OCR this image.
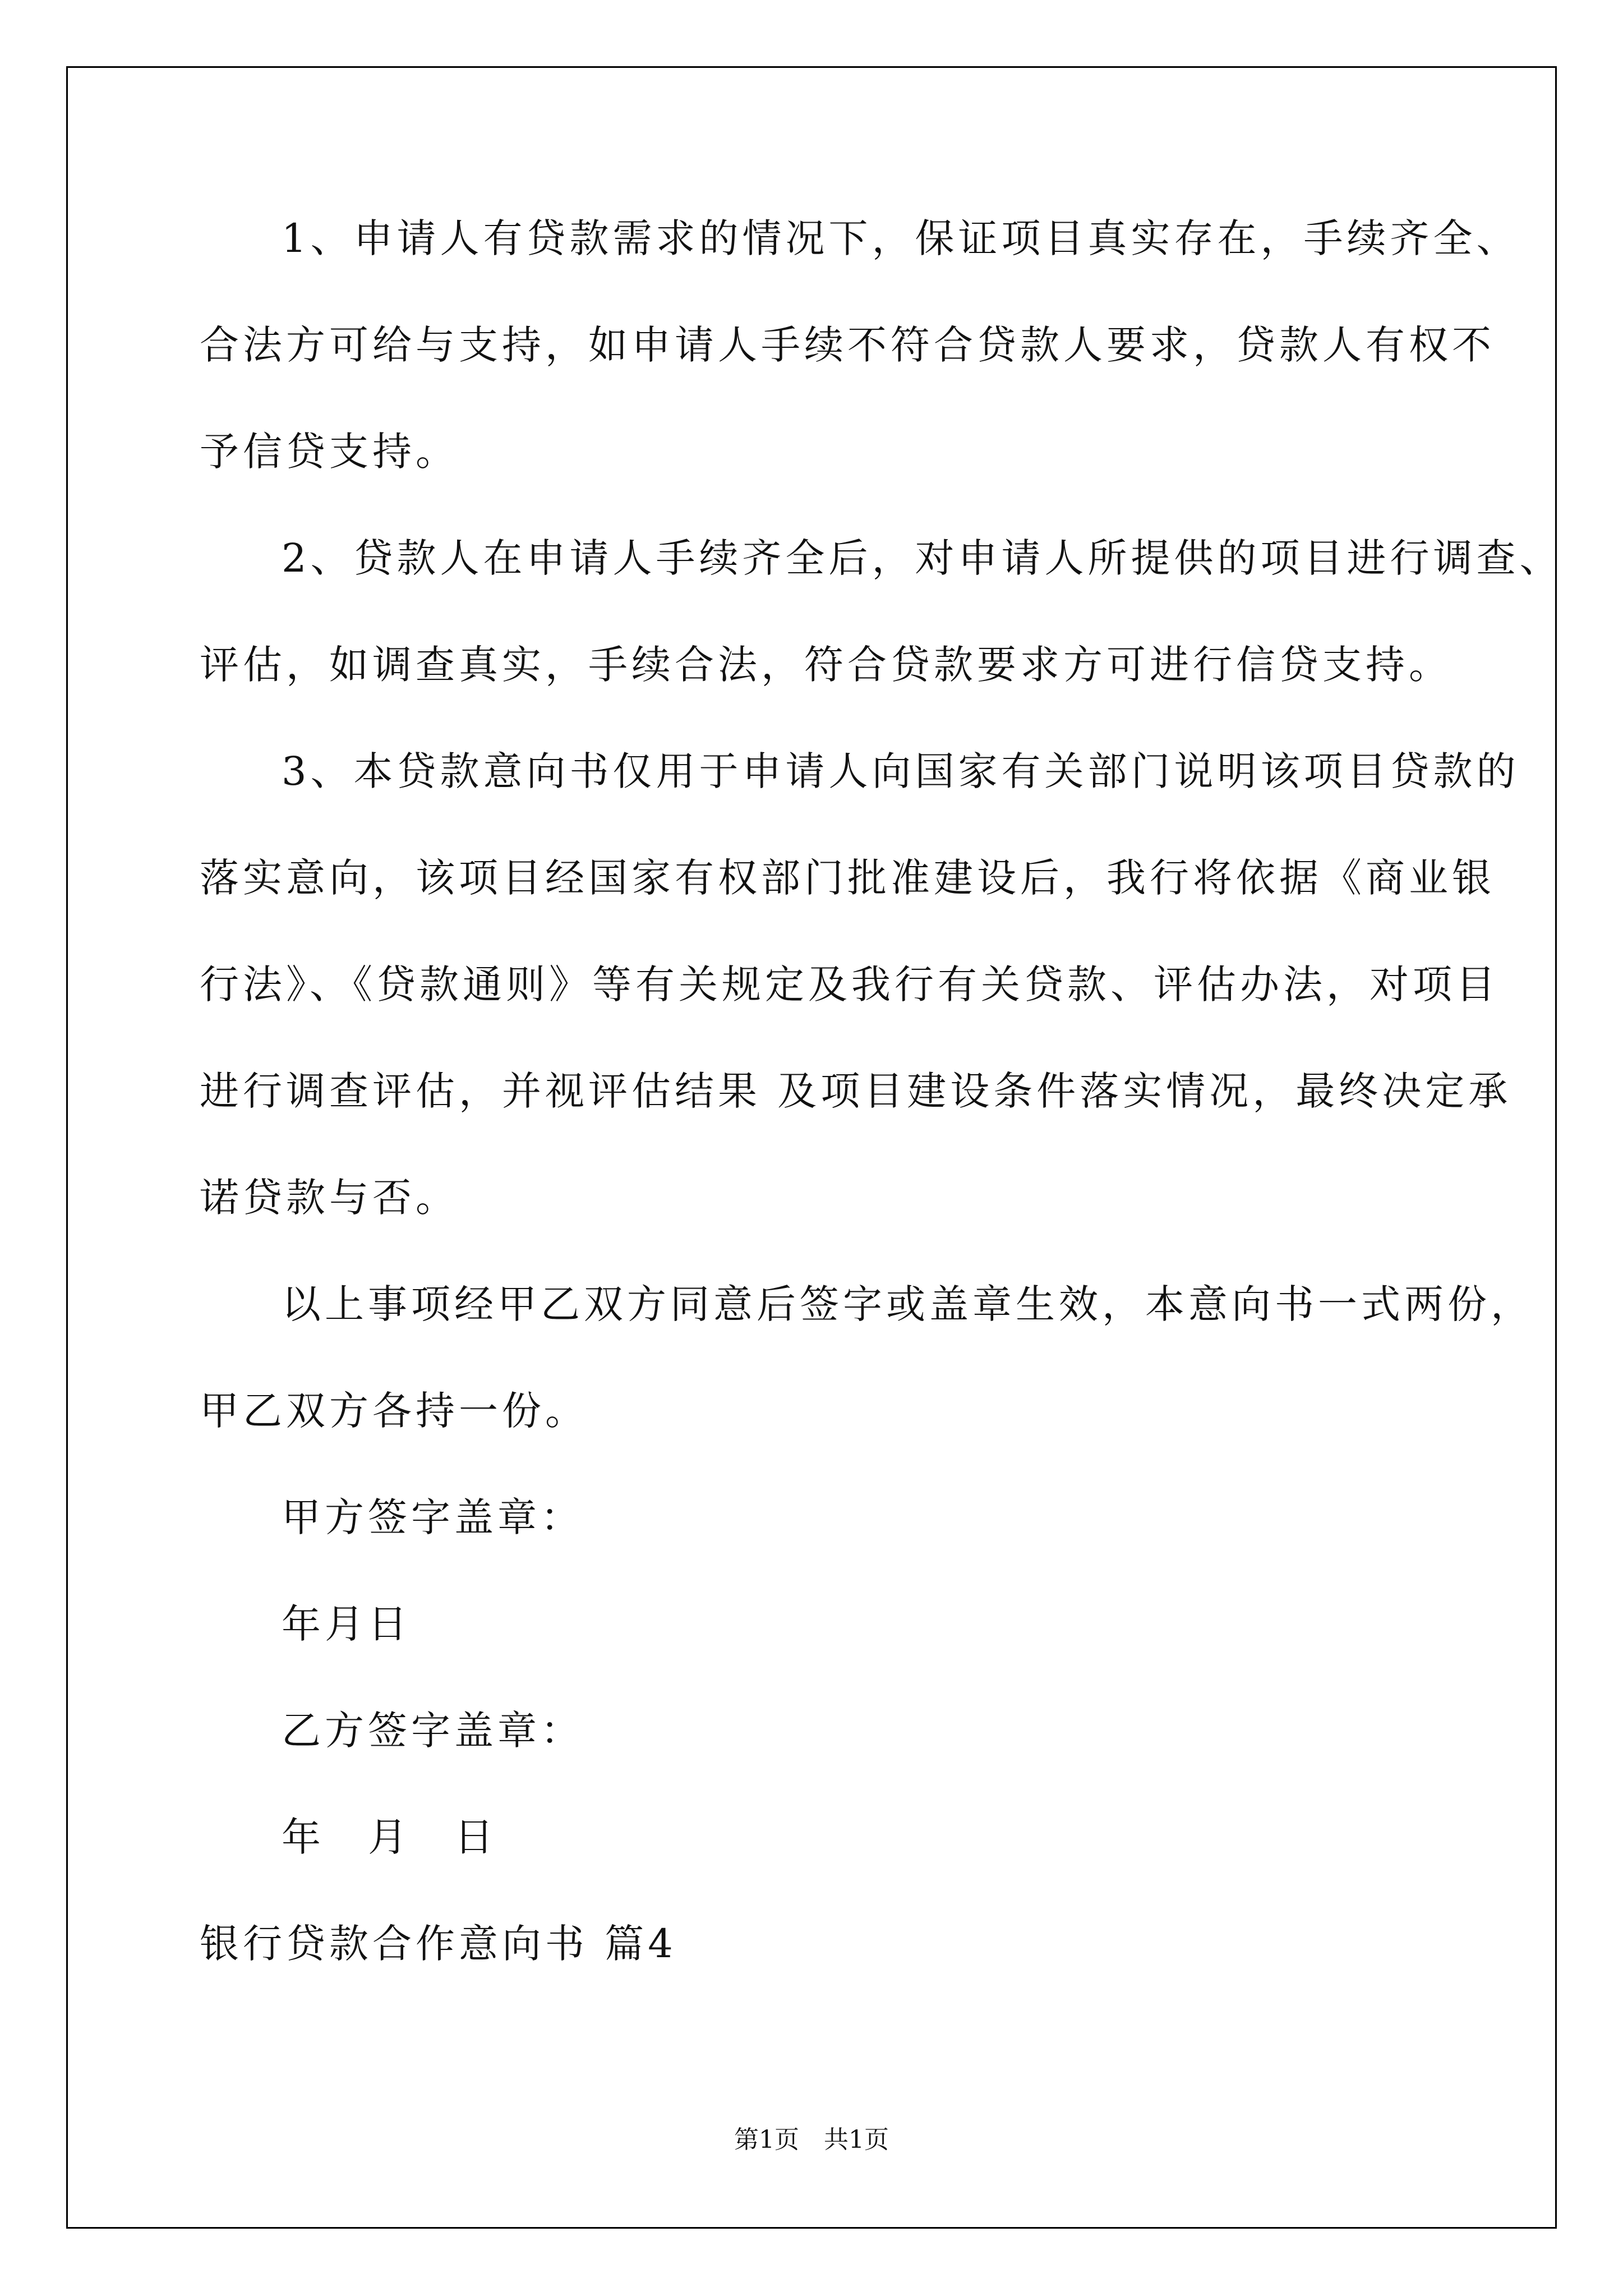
1、申请人有贷款需求的情况下，保证项目真实存在，手续齐全、
合法方可给与支持，如申请人手续不符合贷款人要求，贷款人有权不
予信贷支持。
2、贷款人在申请人手续齐全后，对申请人所提供的项目进行调查、
评估，如调查真实，手续合法，符合贷款要求方可进行信贷支持。
3、本贷款意向书仅用于申请人向国家有关部门说明该项目贷款的
落实意向，该项目经国家有权部门批准建设后，我行将依据《商业银
行法》、《贷款通则》等有关规定及我行有关贷款、评估办法，对项目
进行调查评估，并视评估结果 及项目建设条件落实情况，最终决定承
诺贷款与否。
以上事项经甲乙双方同意后签字或盖章生效，本意向书一式两份，
甲乙双方各持一份。
甲方签字盖章：
年月日
乙方签字盖章：
年　月　日
银行贷款合作意向书 篇4
第1页　共1页
